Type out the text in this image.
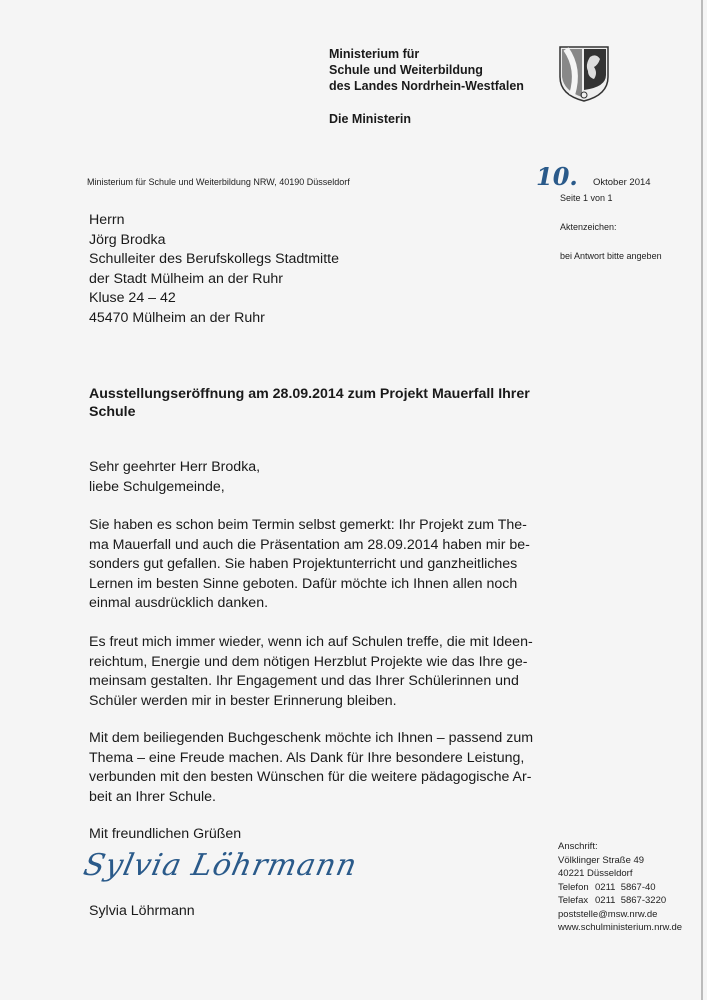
Ministerium für
Schule und Weiterbildung
des Landes Nordrhein-Westfalen
Die Ministerin
Ministerium für Schule und Weiterbildung NRW, 40190 Düsseldorf	10. Oktober 2014
Seite 1 von 1
Aktenzeichen:
bei Antwort bitte angeben
Herrn
Jörg Brodka
Schulleiter des Berufskollegs Stadtmitte
der Stadt Mülheim an der Ruhr
Kluse 24 – 42
45470 Mülheim an der Ruhr
Ausstellungseröffnung am 28.09.2014 zum Projekt Mauerfall Ihrer
Schule
Sehr geehrter Herr Brodka,
liebe Schulgemeinde,
Sie haben es schon beim Termin selbst gemerkt: Ihr Projekt zum The-
ma Mauerfall und auch die Präsentation am 28.09.2014 haben mir be-
sonders gut gefallen. Sie haben Projektunterricht und ganzheitliches
Lernen im besten Sinne geboten. Dafür möchte ich Ihnen allen noch
einmal ausdrücklich danken.
Es freut mich immer wieder, wenn ich auf Schulen treffe, die mit Ideen-
reichtum, Energie und dem nötigen Herzblut Projekte wie das Ihre ge-
meinsam gestalten. Ihr Engagement und das Ihrer Schülerinnen und
Schüler werden mir in bester Erinnerung bleiben.
Mit dem beiliegenden Buchgeschenk möchte ich Ihnen – passend zum
Thema – eine Freude machen. Als Dank für Ihre besondere Leistung,
verbunden mit den besten Wünschen für die weitere pädagogische Ar-
beit an Ihrer Schule.
Mit freundlichen Grüßen
Sylvia Löhrmann
Sylvia Löhrmann
Anschrift:
Völklinger Straße 49
40221 Düsseldorf
Telefon 0211  5867-40
Telefax 0211  5867-3220
poststelle@msw.nrw.de
www.schulministerium.nrw.de
